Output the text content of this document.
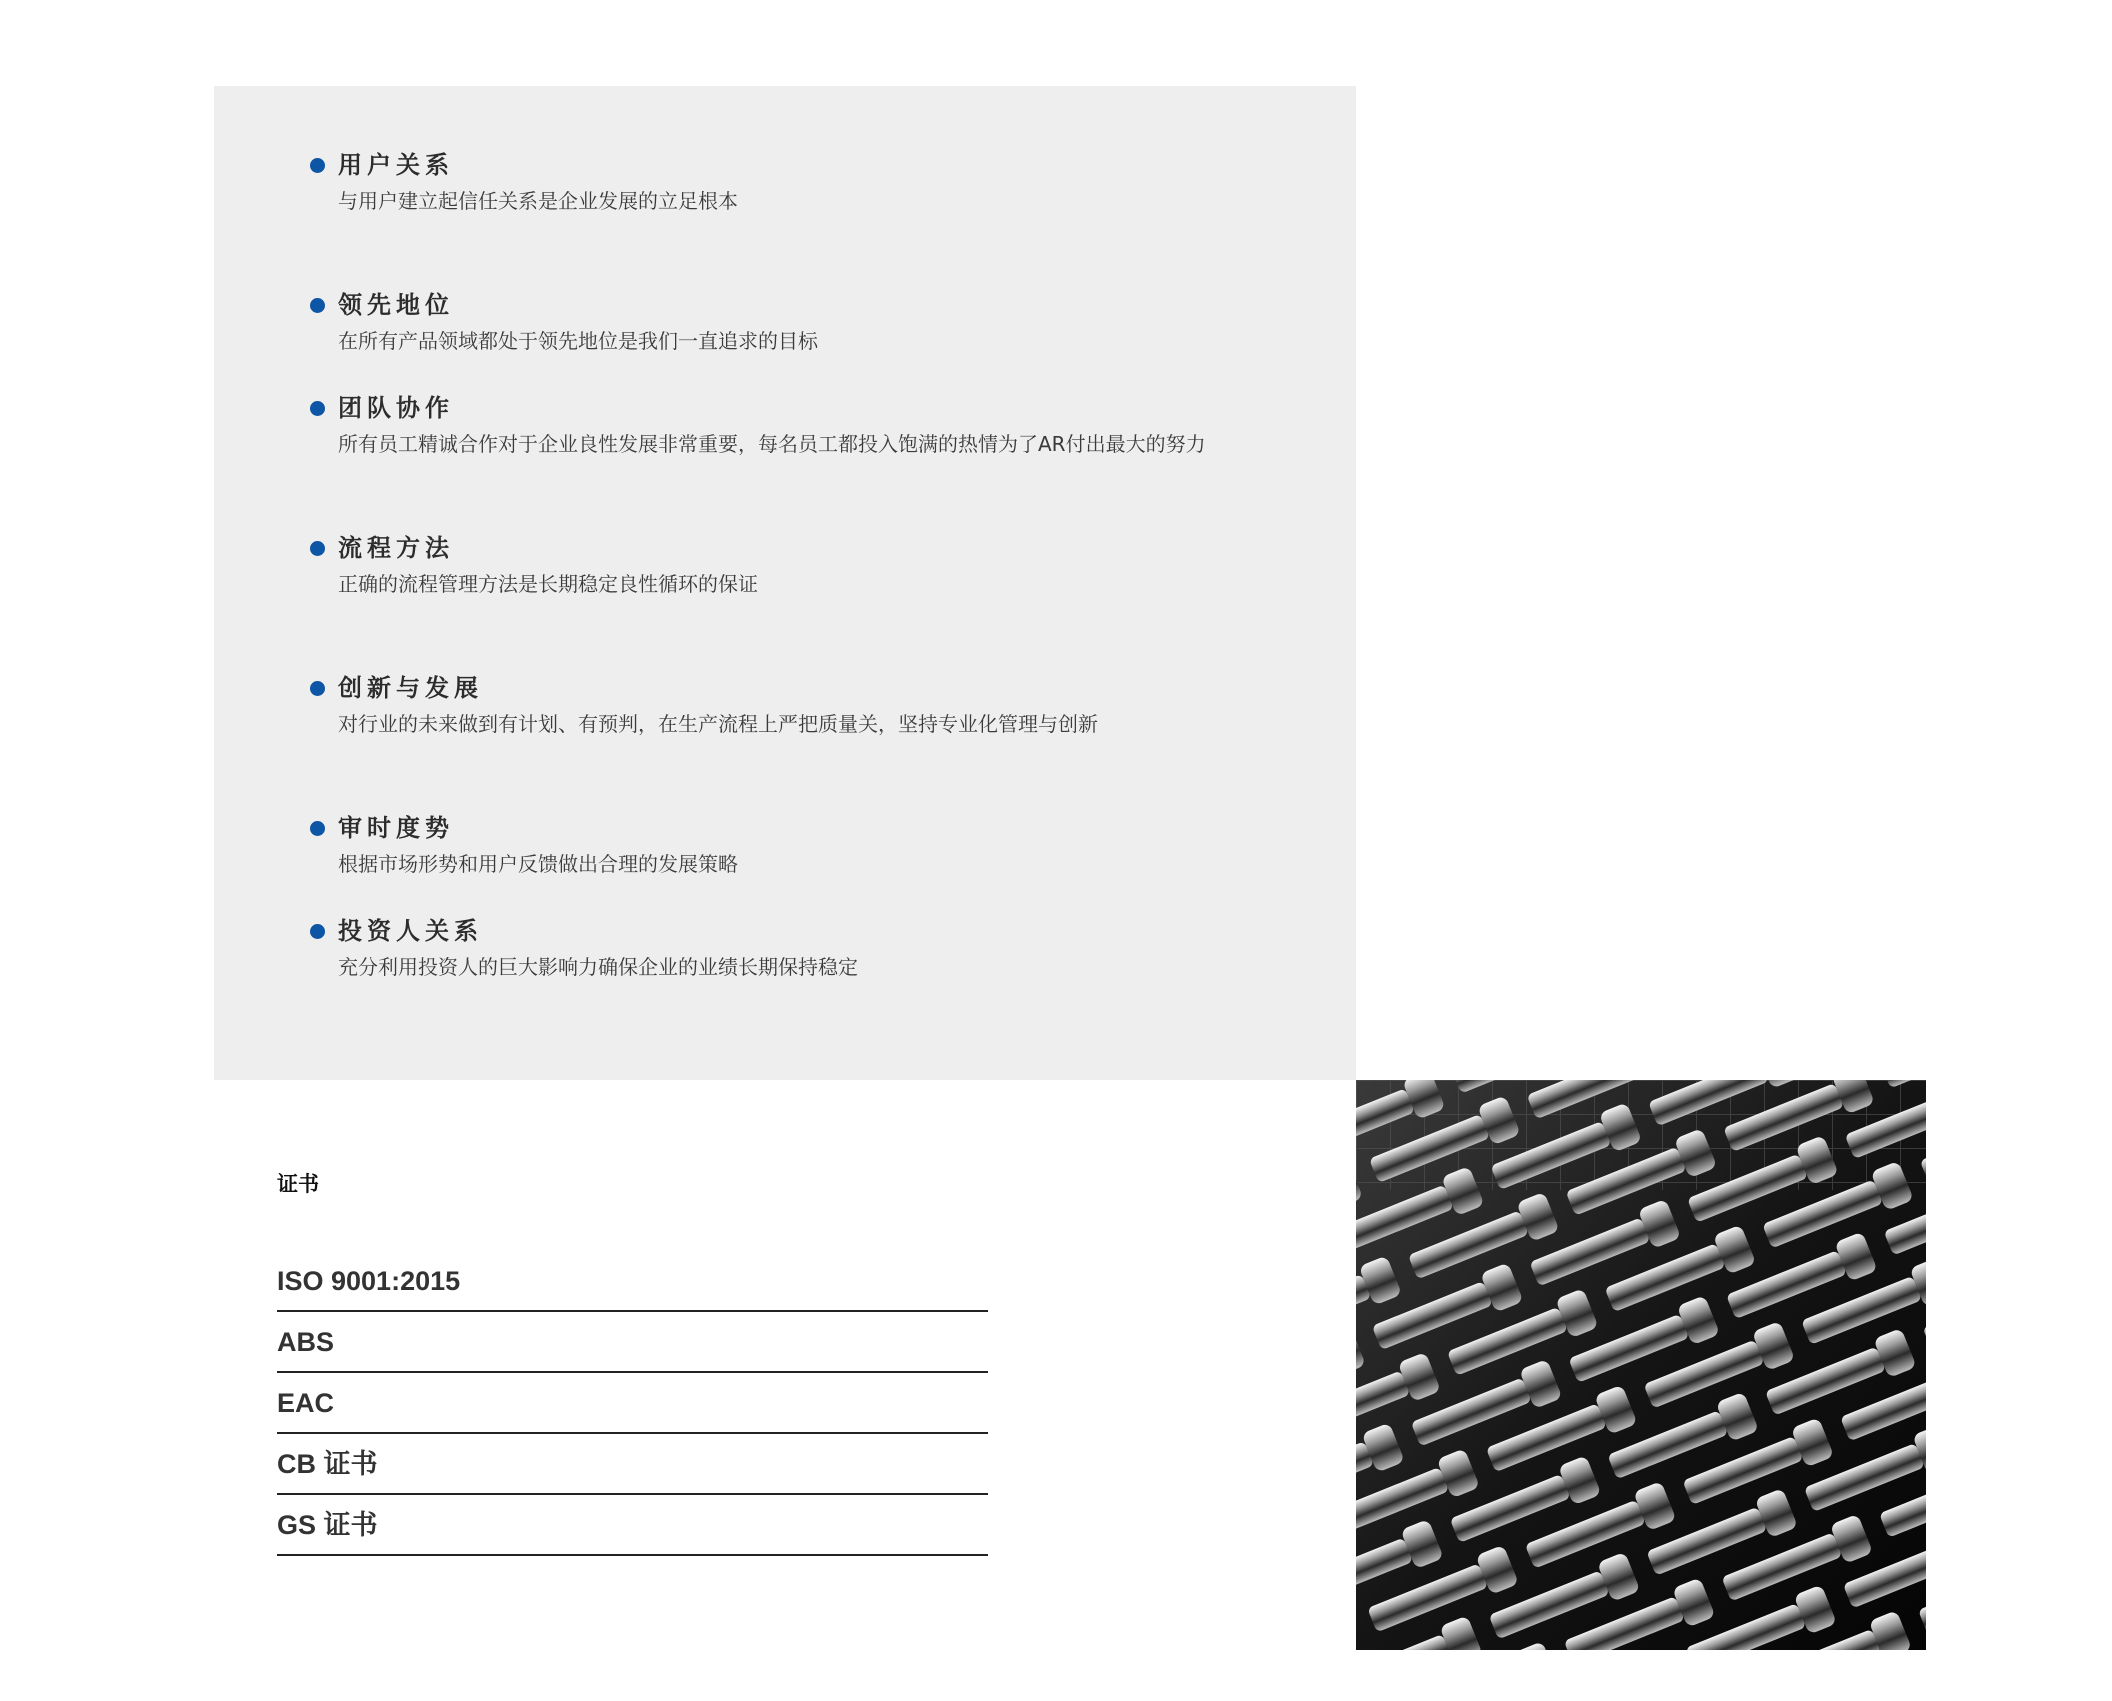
用户关系
与用户建立起信任关系是企业发展的立足根本
领先地位
在所有产品领域都处于领先地位是我们一直追求的目标
团队协作
所有员工精诚合作对于企业良性发展非常重要，每名员工都投入饱满的热情为了AR付出最大的努力
流程方法
正确的流程管理方法是长期稳定良性循环的保证
创新与发展
对行业的未来做到有计划、有预判，在生产流程上严把质量关，坚持专业化管理与创新
审时度势
根据市场形势和用户反馈做出合理的发展策略
投资人关系
充分利用投资人的巨大影响力确保企业的业绩长期保持稳定
证书
ISO 9001:2015
ABS
EAC
CB 证书
GS 证书
